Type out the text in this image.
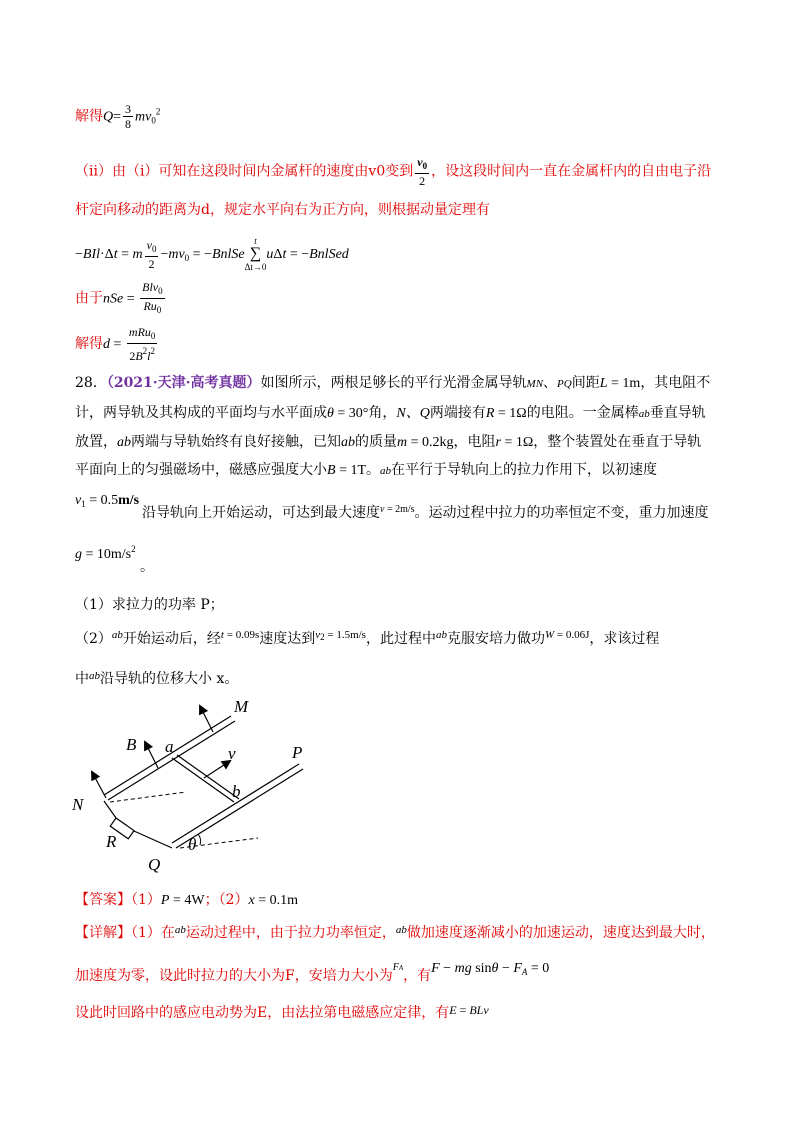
解得$Q= \frac{3}{8} mv_0^2$
（ii）由（i）可知在这段时间内金属杆的速度由v0变到 $\frac{v_0}{2}$ ，设这段时间内一直在金属杆内的自由电子沿
杆定向移动的距离为d，规定水平向右为正方向，则根据动量定理有
−BIl·Δt = m $\frac{v_0}{2} -mv_0$ = −BnlSe
t
∑
Δt→0
uΔt = −BnlSed
由于nSe = $\frac{Blv_0}{Ru_0}$
解得$d = \frac{mRu_0}{2B^2l^2}$
28．（2021·天津·高考真题）如图所示，两根足够长的平行光滑金属导轨MN、PQ间距L = 1m，其电阻不
计，两导轨及其构成的平面均与水平面成θ = 30°角，N、Q两端接有R = 1Ω的电阻。一金属棒ab垂直导轨
放置，ab两端与导轨始终有良好接触，已知ab的质量m = 0.2kg，电阻r = 1Ω，整个装置处在垂直于导轨
平面向上的匀强磁场中，磁感应强度大小B = 1T。ab在平行于导轨向上的拉力作用下，以初速度
$v_1 = 0.5m/s$
沿导轨向上开始运动，可达到最大速度$^v$ $^{= 2m/s}$。运动过程中拉力的功率恒定不变，重力加速度
$g = 10m/s^2$
。
（1）求拉力的功率 P；
$(2)^{ab}$开始运动后，经$^t$ $^{= 0.09s}$速度达到$^{v2}$ $^{= 1.5m/s}$，此过程中$^{ab}$克服安培力做功$^W$ $^{= 0.06J}$，求该过程
中$^{ab}$沿导轨的位移大小 x。
M
B a	v	P
N
b
R
Q
θ
【答案】（1）P = 4W；（2）x = 0.1m
【详解】（1）在$^{ab}$运动过程中，由于拉力功率恒定，$^{ab}$做加速度逐渐减小的加速运动，速度达到最大时，
加速度为零，设此时拉力的大小为F，安培力大小为$^{FA}$，有F − mg $\sin\theta - F_A = 0$
设此时回路中的感应电动势为E，由法拉第电磁感应定律，有E = BLv
